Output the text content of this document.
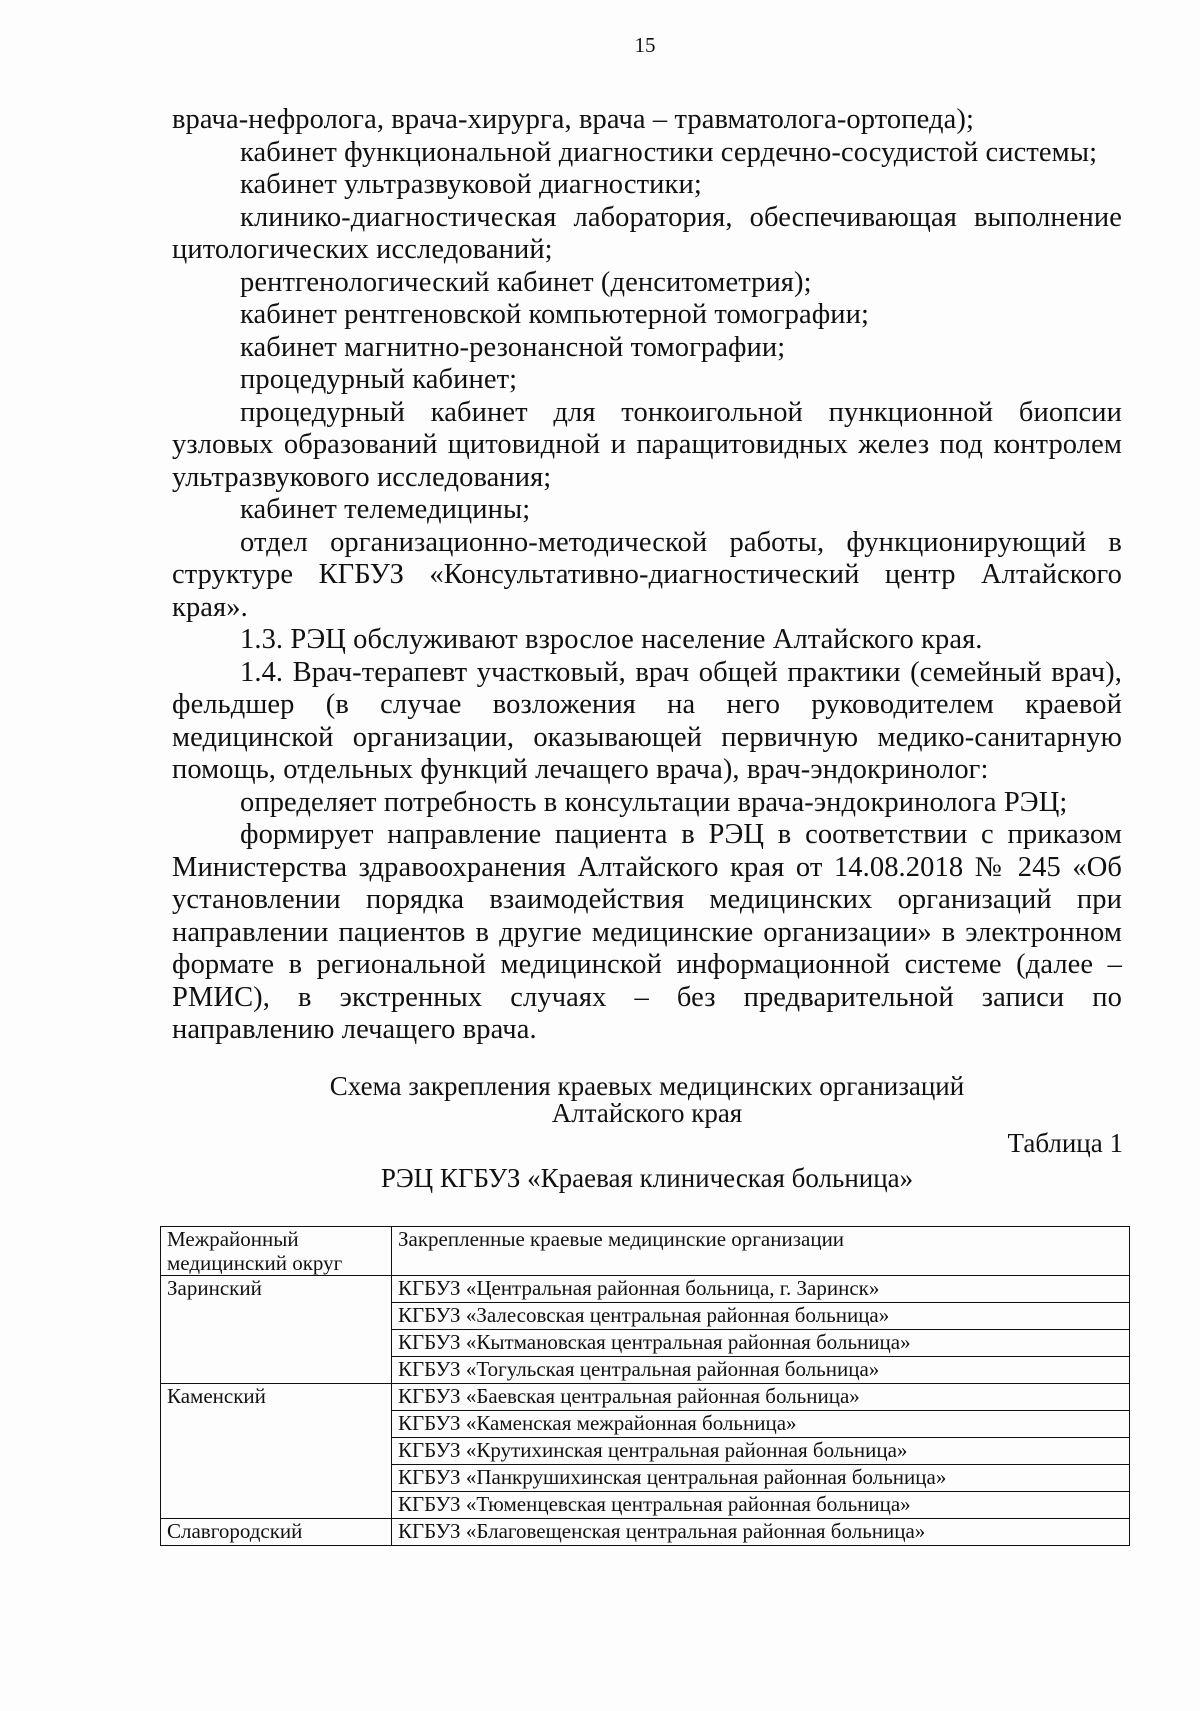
15

врача-нефролога, врача-хирурга, врача – травматолога-ортопеда);

кабинет функциональной диагностики сердечно-сосудистой системы;

кабинет ультразвуковой диагностики;

клинико-диагностическая лаборатория, обеспечивающая выполнение цитологических исследований;

рентгенологический кабинет (денситометрия);

кабинет рентгеновской компьютерной томографии;

кабинет магнитно-резонансной томографии;

процедурный кабинет;

процедурный кабинет для тонкоигольной пункционной биопсии узловых образований щитовидной и паращитовидных желез под контролем ультразвукового исследования;

кабинет телемедицины;

отдел организационно-методической работы, функционирующий в структуре КГБУЗ «Консультативно-диагностический центр Алтайского края».

1.3. РЭЦ обслуживают взрослое население Алтайского края.

1.4. Врач-терапевт участковый, врач общей практики (семейный врач), фельдшер (в случае возложения на него руководителем краевой медицинской организации, оказывающей первичную медико-санитарную помощь, отдельных функций лечащего врача), врач-эндокринолог:

определяет потребность в консультации врача-эндокринолога РЭЦ;

формирует направление пациента в РЭЦ в соответствии с приказом Министерства здравоохранения Алтайского края от 14.08.2018 № 245 «Об установлении порядка взаимодействия медицинских организаций при направлении пациентов в другие медицинские организации» в электронном формате в региональной медицинской информационной системе (далее – РМИС), в экстренных случаях – без предварительной записи по направлению лечащего врача.

Схема закрепления краевых медицинских организаций
Алтайского края
Таблица 1
РЭЦ КГБУЗ «Краевая клиническая больница»
Межрайонный медицинский округ	Закрепленные краевые медицинские организации
Заринский	КГБУЗ «Центральная районная больница, г. Заринск»
	КГБУЗ «Залесовская центральная районная больница»
	КГБУЗ «Кытмановская центральная районная больница»
	КГБУЗ «Тогульская центральная районная больница»
Каменский	КГБУЗ «Баевская центральная районная больница»
	КГБУЗ «Каменская межрайонная больница»
	КГБУЗ «Крутихинская центральная районная больница»
	КГБУЗ «Панкрушихинская центральная районная больница»
	КГБУЗ «Тюменцевская центральная районная больница»
Славгородский	КГБУЗ «Благовещенская центральная районная больница»
